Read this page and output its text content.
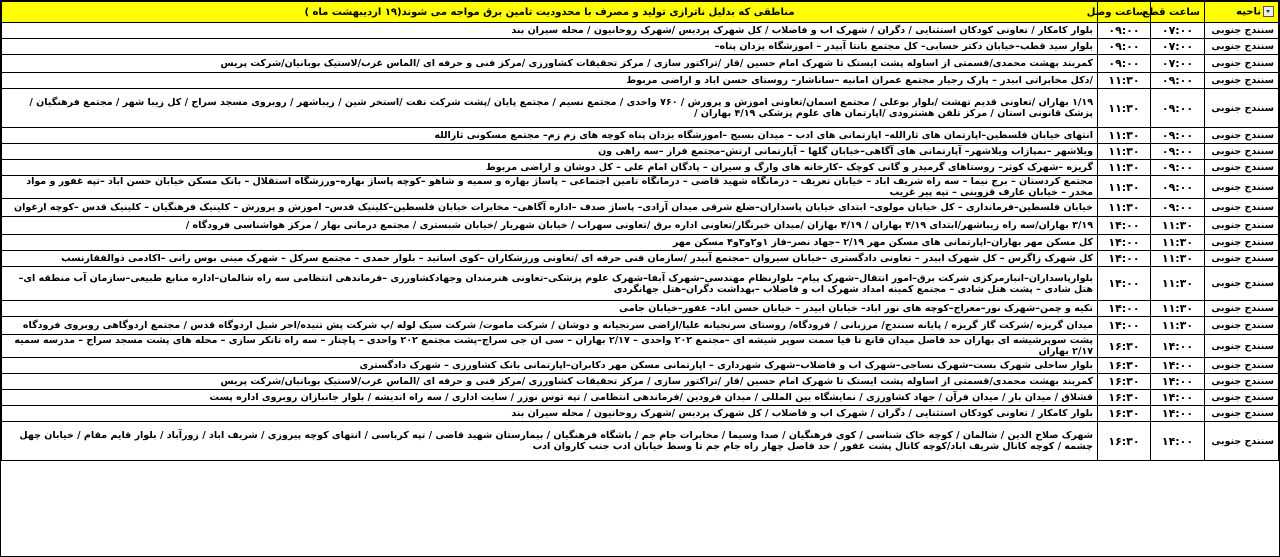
ناحیه	ساعت قطع	ساعت وصل	مناطقی که بدلیل ناترازی تولید و مصرف با محدودیت تامین برق مواجه می شوند(۱۹ اردیبهشت ماه )
سنندج جنوبی	۰۷:۰۰	۰۹:۰۰	بلوار کامکار / تعاونی کودکان استثنایی / دگران / شهرک اب و فاضلاب / کل شهرک پردیس /شهرک روحانیون / محله سیران بند
سنندج جنوبی	۰۷:۰۰	۰۹:۰۰	بلوار سید قطب–خیابان دکتر حسابی– کل مجتمع بانتا آبیدر – اموزشگاه یزدان پناه–
سنندج جنوبی	۰۷:۰۰	۰۹:۰۰	کمربند بهشت محمدی/قسمتی از اساوله پشت ایستک تا شهرک امام حسین /قار /تراکتور سازی / مرکز تحقیقات کشاورزی /مرکز فنی و حرفه ای /الماس غرب/لاستیک بوبانیان/شرکت پریس
سنندج جنوبی	۰۹:۰۰	۱۱:۳۰	/دکل مخابراتی ابیدر – پارک رجیار مجتمع عمران امانیه –ساناشار– روستای حسن اباد و اراضی مربوط
سنندج جنوبی	۰۹:۰۰	۱۱:۳۰	۱/۱۹ بهاران /تعاونی قدیم تهشت /بلوار بوعلی / مجتمع اسمان/تعاونی اموزش و پرورش / ۷۶۰ واحدی / مجتمع نسیم / مجتمع پایان /پشت شرکت نفت /استخر شین / زیباشهر / روبروی مسجد سراج / کل زیبا شهر / مجتمع فرهنگیان / پزشک قانونی استان / مرکز تلفن هشترودی /اپارتمان های علوم پزشکی ۴/۱۹ بهاران /
سنندج جنوبی	۰۹:۰۰	۱۱:۳۰	انتهای خیابان فلسطین–اپارتمان های ثارالله– اپارتمانی های ادب – میدان بسیج –اموزشگاه یزدان پناه کوچه های زم زم– مجتمع مسکونی ثارالله
سنندج جنوبی	۰۹:۰۰	۱۱:۳۰	ویلاشهر –بمپاژاب ویلاشهر– آپارتمانی های آگاهی–خیابان گلها – آپارتمانی ارتش–مجتمع فراز –سه راهی ون
سنندج جنوبی	۰۹:۰۰	۱۱:۳۰	گریزه –شهرک کوثر– روستاهای گرمیدر و گانی کوچک –کارخانه های وارگ و سیران – پادگان امام علی – کل دوشان و اراضی مربوط
سنندج جنوبی	۰۹:۰۰	۱۱:۳۰	مجتمع کردستان – برج نیما – سه راه شریف اباد – خیابان تعریف – درمانگاه شهید قاضی – درمانگاه تامین اجتماعی – پاساژ بهاره و سمیه و شاهو –کوچه پاساژ بهاره–ورزشگاه استقلال – بانک مسکن خیابان حسن اباد –تپه غفور و مواد مخدر – خیابان عارف قزوینی – تپه پیر غریب
سنندج جنوبی	۰۹:۰۰	۱۱:۳۰	خیابان فلسطین–فرمانداری – کل خیابان مولوی– ابتدای خیابان پاسداران–ضلع شرقی میدان آزادی– پاساژ صدف –اداره آگاهی– مخابرات خیابان فلسطین–کلینیک قدس– اموزش و پرورش – کلینیک فرهنگیان – کلینیک قدس –کوچه ارغوان
سنندج جنوبی	۱۱:۳۰	۱۴:۰۰	۳/۱۹ بهاران/سه راه زیباشهر/ابتدای ۴/۱۹ بهاران / ۴/۱۹ بهاران /میدان خبرنگار/تعاونی اداره برق /تعاونی سهراب / خیابان شهریار /خیابان شبستری / مجتمع درمانی بهار / مرکز هواشناسی فرودگاه /
سنندج جنوبی	۱۱:۳۰	۱۴:۰۰	کل مسکن مهر بهاران–اپارتمانی های مسکن مهر ۲/۱۹ –جهاد نصر–فاز ۱و۲و۳و۴ مسکن مهر
سنندج جنوبی	۱۱:۳۰	۱۴:۰۰	کل شهرک زاگرس – کل شهرک ابیدر – تعاونی دادگستری –خیابان سیروان –مجتمع آبیدر /سازمان فنی حرفه ای /تعاونی ورزشکاران –کوی اساتید – بلوار حمدی – مجتمع سرکل – شهرک مینی بوس رانی –اکادمی ذوالفقارنسب
سنندج جنوبی	۱۱:۳۰	۱۴:۰۰	بلوارپاسداران–انبارمرکزی شرکت برق–امور انتقال–شهرک پیام– بلوارنظام مهندسی–شهرک آبفا–شهرک علوم پزشکی–تعاونی هنرمندان وجهادکشاورزی –فرماندهی انتظامی سه راه شالمان–اداره منابع طبیعی–سازمان آب منطقه ای–هتل شادی – پشت هتل شادی – مجتمع کمینه امداد شهرک اب و فاضلاب –بهداشت دگران–هتل جهانگردی
سنندج جنوبی	۱۱:۳۰	۱۴:۰۰	تکیه و چمن–شهرک نور–معراج–کوچه های نور اباد– خیابان ابیدر – خیابان حسن اباد– غفور–خیابان جامی
سنندج جنوبی	۱۱:۳۰	۱۴:۰۰	میدان گریزه /شرکت گاز گریزه / پایانه سنندج/ مرزبانی / فرودگاه/ روستای سرنجیانه علیا/اراضی سرنجیانه و دوشان / شرکت ماموت/ شرکت سیک لوله /پ شرکت پش تنیده/اجر شیل اردوگاه قدس / مجتمع اردوگاهی روبروی فرودگاه
سنندج جنوبی	۱۴:۰۰	۱۶:۳۰	پشت سوپرشیشه ای بهاران حد فاصل میدان قانع تا فیا سمت سوپر شیشه ای –مجتمع ۲۰۲ واحدی – ۲/۱۷ بهاران – سی ان جی سراج–پشت مجتمع ۲۰۲ واحدی – پاچنار – سه راه تانکر سازی – محله های پشت مسجد سراج – مدرسه سمیه ۲/۱۷ بهاران
سنندج جنوبی	۱۴:۰۰	۱۶:۳۰	بلوار ساحلی شهرک بست–شهرک نساجی–شهرک اب و فاضلاب–شهرک شهرداری – اپارتمانی مسکن مهر دکابران–اپارتمانی بانک کشاورزی – شهرک دادگستری
سنندج جنوبی	۱۴:۰۰	۱۶:۳۰	کمربند بهشت محمدی/قسمتی از اساوله پشت ایستک تا شهرک امام حسین /قار /تراکتور سازی / مرکز تحقیقات کشاورزی /مرکز فنی و حرفه ای /الماس غرب/لاستیک بوبانیان/شرکت پریس
سنندج جنوبی	۱۴:۰۰	۱۶:۳۰	قشلاق / میدان بار / میدان فرآن / جهاد کشاورزی / نمایشگاه بین المللی / میدان فرودین /فرماندهی انتظامی / تپه توس نوزر / سایت اداری / سه راه اندیشه / بلوار جانبازان روبروی اداره پست
سنندج جنوبی	۱۴:۰۰	۱۶:۳۰	بلوار کامکار / تعاونی کودکان استثنایی / دگران / شهرک اب و فاضلاب / کل شهرک پردیس /شهرک روحانیون / محله سیران بند
سنندج جنوبی	۱۴:۰۰	۱۶:۳۰	شهرک صلاح الدین / شالمان / کوچه خاک شناسی / کوی فرهنگیان / صدا وسیما / مخابرات جام جم / باشگاه فرهنگیان / بیمارستان شهید قاضی / تپه کرباسی / انتهای کوچه پیروزی / شریف اباد / زورآباد / بلوار قایم مقام / خیابان چهل چشمه / کوچه کانال شریف اباد/کوچه کانال پشت غفور / حد فاصل چهار راه جام جم تا وسط خیابان ادب جنب کاروان ادب
